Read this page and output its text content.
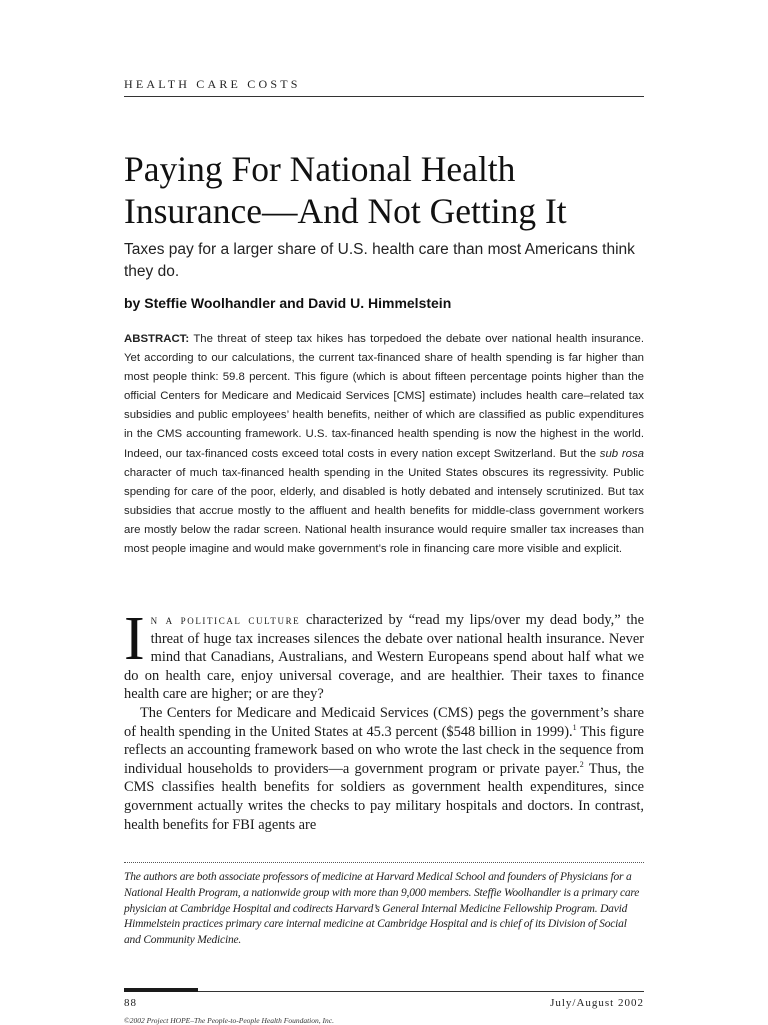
HEALTH CARE COSTS
Paying For National Health
Insurance—And Not Getting It
Taxes pay for a larger share of U.S. health care than most Americans think they do.
by Steffie Woolhandler and David U. Himmelstein
ABSTRACT: The threat of steep tax hikes has torpedoed the debate over national health insurance. Yet according to our calculations, the current tax-financed share of health spending is far higher than most people think: 59.8 percent. This figure (which is about fifteen percentage points higher than the official Centers for Medicare and Medicaid Services [CMS] estimate) includes health care–related tax subsidies and public employees’ health benefits, neither of which are classified as public expenditures in the CMS accounting framework. U.S. tax-financed health spending is now the highest in the world. Indeed, our tax-financed costs exceed total costs in every nation except Switzerland. But the sub rosa character of much tax-financed health spending in the United States obscures its regressivity. Public spending for care of the poor, elderly, and disabled is hotly debated and intensely scrutinized. But tax subsidies that accrue mostly to the affluent and health benefits for middle-class government workers are mostly below the radar screen. National health insurance would require smaller tax increases than most people imagine and would make government’s role in financing care more visible and explicit.

In a political culture characterized by “read my lips/over my dead body,” the threat of huge tax increases silences the debate over national health insurance. Never mind that Canadians, Australians, and Western Europeans spend about half what we do on health care, enjoy universal coverage, and are healthier. Their taxes to finance health care are higher; or are they?

The Centers for Medicare and Medicaid Services (CMS) pegs the government’s share of health spending in the United States at 45.3 percent ($548 billion in 1999).$^1$ This figure reflects an accounting framework based on who wrote the last check in the sequence from individual households to providers—a government program or private payer.$^2$ Thus, the CMS classifies health benefits for soldiers as government health expenditures, since government actually writes the checks to pay military hospitals and doctors. In contrast, health benefits for FBI agents are

The authors are both associate professors of medicine at Harvard Medical School and founders of Physicians for a National Health Program, a nationwide group with more than 9,000 members. Steffie Woolhandler is a primary care physician at Cambridge Hospital and codirects Harvard’s General Internal Medicine Fellowship Program. David Himmelstein practices primary care internal medicine at Cambridge Hospital and is chief of its Division of Social and Community Medicine.
88	July/August 2002
©2002 Project HOPE–The People-to-People Health Foundation, Inc.
